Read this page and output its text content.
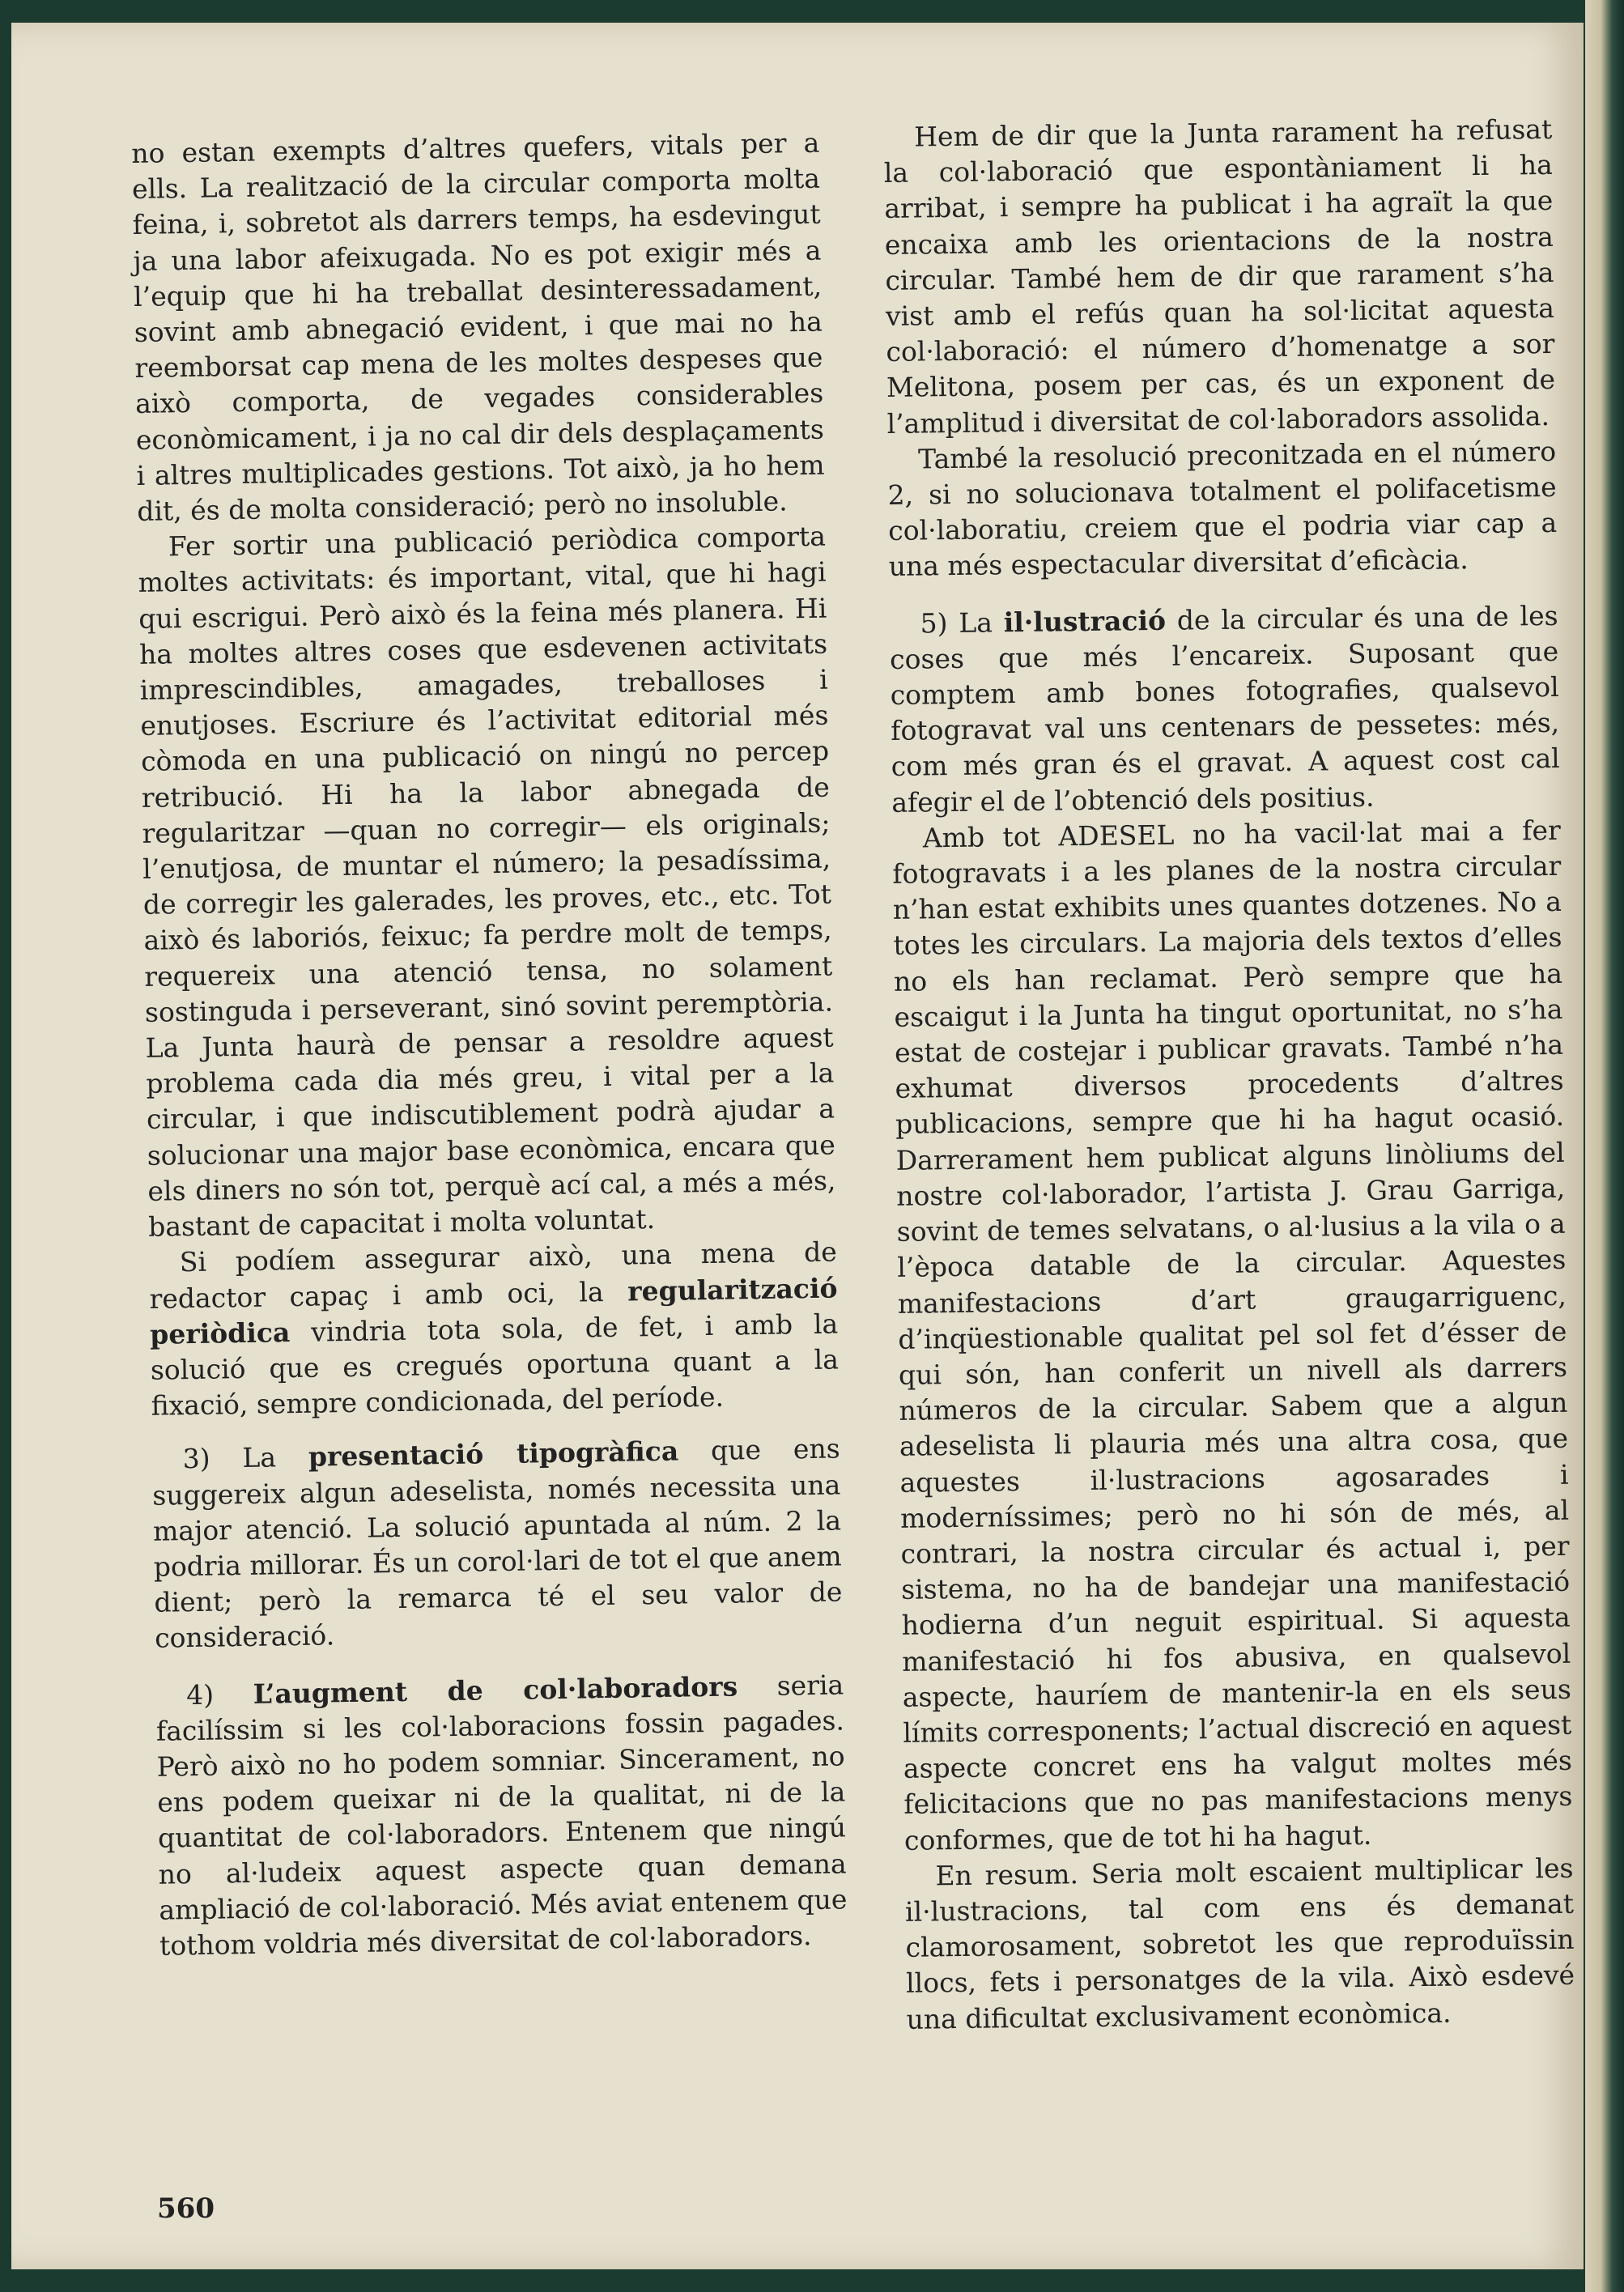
no estan exempts d’altres quefers, vitals per a ells. La realització de la circular comporta molta feina, i, sobretot als darrers temps, ha esdevingut ja una labor afeixugada. No es pot exigir més a l’equip que hi ha treballat desinteressadament, sovint amb abnegació evident, i que mai no ha reemborsat cap mena de les moltes despeses que això comporta, de vegades considerables econòmicament, i ja no cal dir dels desplaçaments i altres multiplicades gestions. Tot això, ja ho hem dit, és de molta consideració; però no insoluble.

Fer sortir una publicació periòdica comporta moltes activitats: és important, vital, que hi hagi qui escrigui. Però això és la feina més planera. Hi ha moltes altres coses que esdevenen activitats imprescindibles, amagades, treballoses i enutjoses. Escriure és l’activitat editorial més còmoda en una publicació on ningú no percep retribució. Hi ha la labor abnegada de regularitzar —quan no corregir— els originals; l’enutjosa, de muntar el número; la pesadíssima, de corregir les galerades, les proves, etc., etc. Tot això és laboriós, feixuc; fa perdre molt de temps, requereix una atenció tensa, no solament sostinguda i perseverant, sinó sovint peremptòria. La Junta haurà de pensar a resoldre aquest problema cada dia més greu, i vital per a la circular, i que indiscutiblement podrà ajudar a solucionar una major base econòmica, encara que els diners no són tot, perquè ací cal, a més a més, bastant de capacitat i molta voluntat.

Si podíem assegurar això, una mena de redactor capaç i amb oci, la regularització periòdica vindria tota sola, de fet, i amb la solució que es cregués oportuna quant a la fixació, sempre condicionada, del període.

3) La presentació tipogràfica que ens suggereix algun adeselista, només necessita una major atenció. La solució apuntada al núm. 2 la podria millorar. És un corol·lari de tot el que anem dient; però la remarca té el seu valor de consideració.

4) L’augment de col·laboradors seria facilíssim si les col·laboracions fossin pagades. Però això no ho podem somniar. Sincerament, no ens podem queixar ni de la qualitat, ni de la quantitat de col·laboradors. Entenem que ningú no al·ludeix aquest aspecte quan demana ampliació de col·laboració. Més aviat entenem que tothom voldria més diversitat de col·laboradors.

Hem de dir que la Junta rarament ha refusat la col·laboració que espontàniament li ha arribat, i sempre ha publicat i ha agraït la que encaixa amb les orientacions de la nostra circular. També hem de dir que rarament s’ha vist amb el refús quan ha sol·licitat aquesta col·laboració: el número d’homenatge a sor Melitona, posem per cas, és un exponent de l’amplitud i diversitat de col·laboradors assolida.

També la resolució preconitzada en el número 2, si no solucionava totalment el polifacetisme col·laboratiu, creiem que el podria viar cap a una més espectacular diversitat d’eficàcia.

5) La il·lustració de la circular és una de les coses que més l’encareix. Suposant que comptem amb bones fotografies, qualsevol fotogravat val uns centenars de pessetes: més, com més gran és el gravat. A aquest cost cal afegir el de l’obtenció dels positius.

Amb tot ADESEL no ha vacil·lat mai a fer fotogravats i a les planes de la nostra circular n’han estat exhibits unes quantes dotzenes. No a totes les circulars. La majoria dels textos d’elles no els han reclamat. Però sempre que ha escaigut i la Junta ha tingut oportunitat, no s’ha estat de costejar i publicar gravats. També n’ha exhumat diversos procedents d’altres publicacions, sempre que hi ha hagut ocasió. Darrerament hem publicat alguns linòliums del nostre col·laborador, l’artista J. Grau Garriga, sovint de temes selvatans, o al·lusius a la vila o a l’època datable de la circular. Aquestes manifestacions d’art graugarriguenc, d’inqüestionable qualitat pel sol fet d’ésser de qui són, han conferit un nivell als darrers números de la circular. Sabem que a algun adeselista li plauria més una altra cosa, que aquestes il·lustracions agosarades i moderníssimes; però no hi són de més, al contrari, la nostra circular és actual i, per sistema, no ha de bandejar una manifestació hodierna d’un neguit espiritual. Si aquesta manifestació hi fos abusiva, en qualsevol aspecte, hauríem de mantenir-la en els seus límits corresponents; l’actual discreció en aquest aspecte concret ens ha valgut moltes més felicitacions que no pas manifestacions menys conformes, que de tot hi ha hagut.

En resum. Seria molt escaient multiplicar les il·lustracions, tal com ens és demanat clamorosament, sobretot les que reproduïssin llocs, fets i personatges de la vila. Això esdevé una dificultat exclusivament econòmica.

560
